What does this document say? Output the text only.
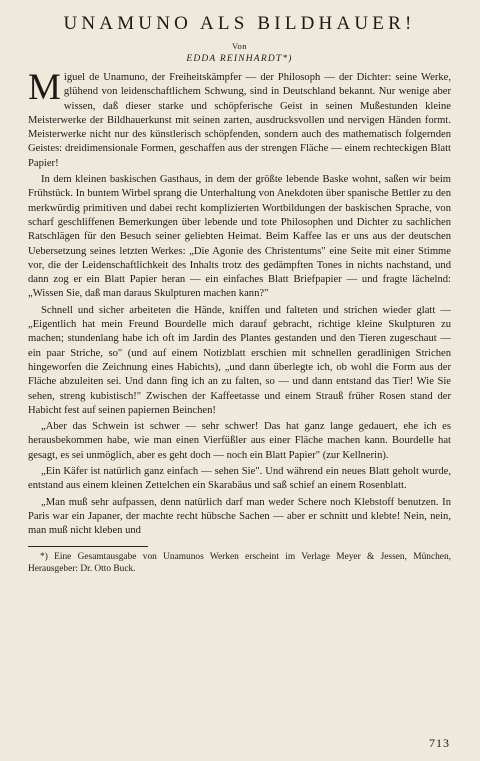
UNAMUNO ALS BILDHAUER!
Von
EDDA REINHARDT*)

Miguel de Unamuno, der Freiheitskämpfer — der Philosoph — der Dichter: seine Werke, glühend von leidenschaftlichem Schwung, sind in Deutschland bekannt. Nur wenige aber wissen, daß dieser starke und schöpferische Geist in seinen Mußestunden kleine Meisterwerke der Bildhauerkunst mit seinen zarten, ausdrucksvollen und nervigen Händen formt. Meisterwerke nicht nur des künstlerisch schöpfenden, sondern auch des mathematisch folgernden Geistes: dreidimensionale Formen, geschaffen aus der strengen Fläche — einem rechteckigen Blatt Papier!

In dem kleinen baskischen Gasthaus, in dem der größte lebende Baske wohnt, saßen wir beim Frühstück. In buntem Wirbel sprang die Unterhaltung von Anekdoten über spanische Bettler zu den merkwürdig primitiven und dabei recht komplizierten Wortbildungen der baskischen Sprache, von scharf geschliffenen Bemerkungen über lebende und tote Philosophen und Dichter zu sachlichen Ratschlägen für den Besuch seiner geliebten Heimat. Beim Kaffee las er uns aus der deutschen Uebersetzung seines letzten Werkes: „Die Agonie des Christentums" eine Seite mit einer Stimme vor, die der Leidenschaftlichkeit des Inhalts trotz des gedämpften Tones in nichts nachstand, und dann zog er ein Blatt Papier heran — ein einfaches Blatt Briefpapier — und fragte lächelnd: „Wissen Sie, daß man daraus Skulpturen machen kann?"

Schnell und sicher arbeiteten die Hände, kniffen und falteten und strichen wieder glatt — „Eigentlich hat mein Freund Bourdelle mich darauf gebracht, richtige kleine Skulpturen zu machen; stundenlang habe ich oft im Jardin des Plantes gestanden und den Tieren zugeschaut — ein paar Striche, so" (und auf einem Notizblatt erschien mit schnellen geradlinigen Strichen hingeworfen die Zeichnung eines Habichts), „und dann überlegte ich, ob wohl die Form aus der Fläche abzuleiten sei. Und dann fing ich an zu falten, so — und dann entstand das Tier! Wie Sie sehen, streng kubistisch!" Zwischen der Kaffeetasse und einem Strauß früher Rosen stand der Habicht fest auf seinen papiernen Beinchen!

„Aber das Schwein ist schwer — sehr schwer! Das hat ganz lange gedauert, ehe ich es herausbekommen habe, wie man einen Vierfüßler aus einer Fläche machen kann. Bourdelle hat gesagt, es sei unmöglich, aber es geht doch — noch ein Blatt Papier" (zur Kellnerin).

„Ein Käfer ist natürlich ganz einfach — sehen Sie". Und während ein neues Blatt geholt wurde, entstand aus einem kleinen Zettelchen ein Skarabäus und saß schief an einem Rosenblatt.

„Man muß sehr aufpassen, denn natürlich darf man weder Schere noch Klebstoff benutzen. In Paris war ein Japaner, der machte recht hübsche Sachen — aber er schnitt und klebte! Nein, nein, man muß nicht kleben und

*) Eine Gesamtausgabe von Unamunos Werken erscheint im Verlage Meyer & Jessen, München, Herausgeber: Dr. Otto Buck.

713
